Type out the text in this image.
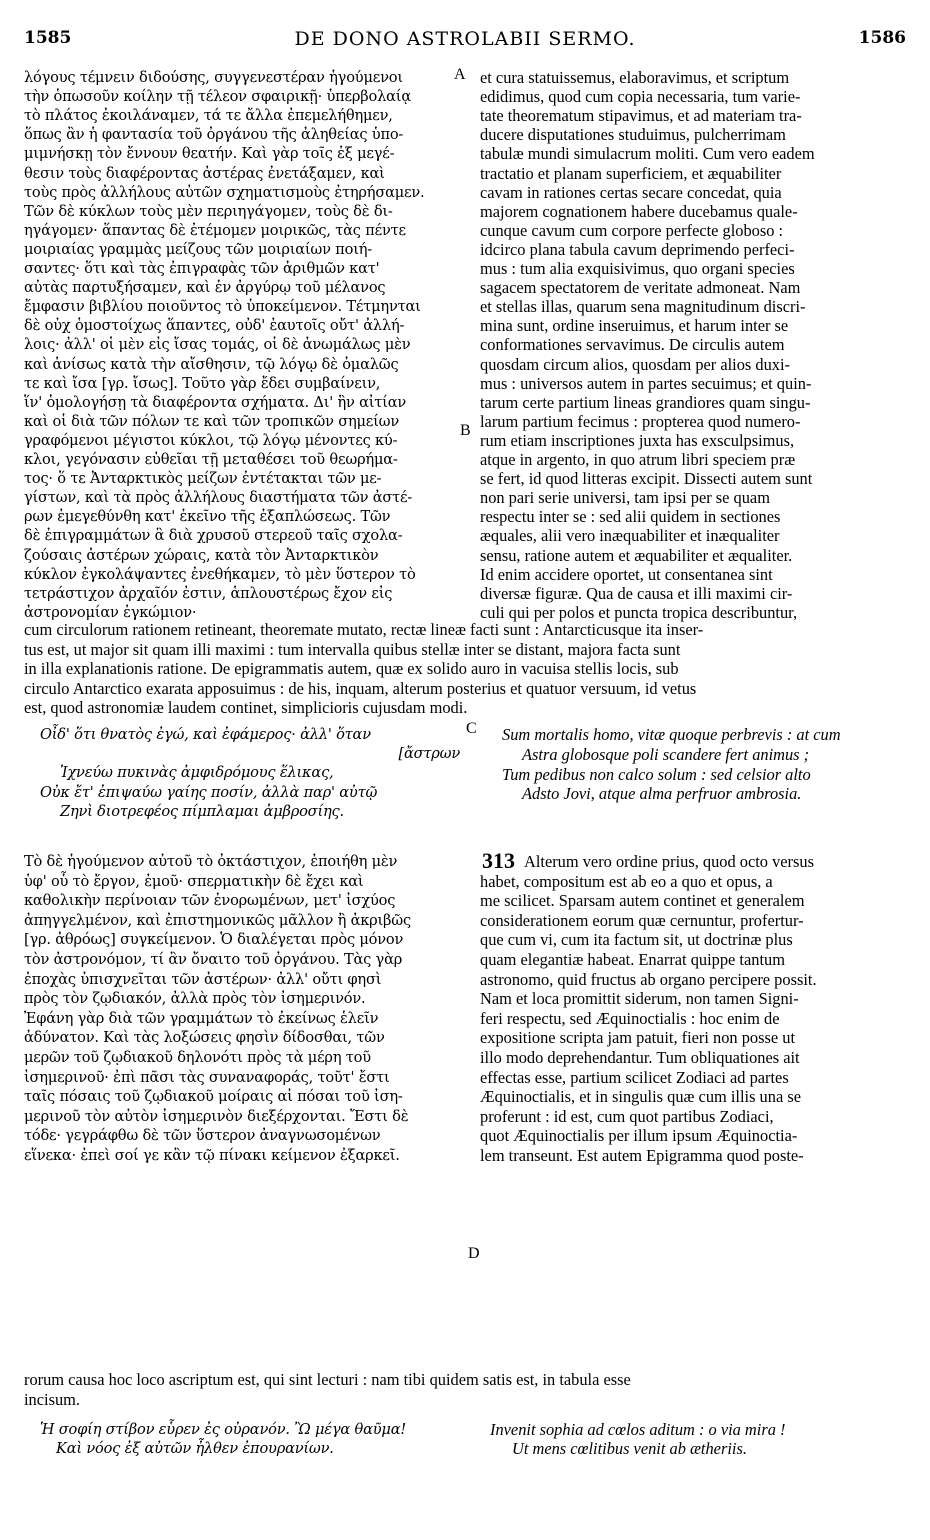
1585	DE DONO ASTROLABII SERMO.	1586
λόγους τέμνειν διδούσης, συγγενεστέραν ἡγούμενοι
τὴν ὁπωσοῦν κοίλην τῇ τέλεον σφαιρικῇ· ὑπερβολαίᾳ
τὸ πλάτος ἐκοιλάναμεν, τά τε ἄλλα ἐπεμελήθημεν,
ὅπως ἂν ἡ φαντασία τοῦ ὀργάνου τῆς ἀληθείας ὑπο-
μιμνήσκῃ τὸν ἔννουν θεατήν. Καὶ γὰρ τοῖς ἐξ μεγέ-
θεσιν τοὺς διαφέροντας ἀστέρας ἐνετάξαμεν, καὶ
τοὺς πρὸς ἀλλήλους αὐτῶν σχηματισμοὺς ἐτηρήσαμεν.
Τῶν δὲ κύκλων τοὺς μὲν περιηγάγομεν, τοὺς δὲ δι-
ηγάγομεν· ἅπαντας δὲ ἐτέμομεν μοιρικῶς, τὰς πέντε
μοιριαίας γραμμὰς μείζους τῶν μοιριαίων ποιή-
σαντες· ὅτι καὶ τὰς ἐπιγραφὰς τῶν ἀριθμῶν κατ'
αὐτὰς παρτυξήσαμεν, καὶ ἐν ἀργύρῳ τοῦ μέλανος
ἔμφασιν βιβλίου ποιοῦντος τὸ ὑποκείμενον. Τέτμηνται
δὲ οὐχ ὁμοστοίχως ἅπαντες, οὐδ' ἑαυτοῖς οὔτ' ἀλλή-
λοις· ἀλλ' οἱ μὲν εἰς ἴσας τομάς, οἱ δὲ ἀνωμάλως μὲν
καὶ ἀνίσως κατὰ τὴν αἴσθησιν, τῷ λόγῳ δὲ ὁμαλῶς
τε καὶ ἴσα [γρ. ἴσως]. Τοῦτο γὰρ ἔδει συμβαίνειν,
ἵν' ὁμολογήσῃ τὰ διαφέροντα σχήματα. Δι' ἣν αἰτίαν
καὶ οἱ διὰ τῶν πόλων τε καὶ τῶν τροπικῶν σημείων
γραφόμενοι μέγιστοι κύκλοι, τῷ λόγῳ μένοντες κύ-
κλοι, γεγόνασιν εὐθεῖαι τῇ μεταθέσει τοῦ θεωρήμα-
τος· ὅ τε Ἀνταρκτικὸς μείζων ἐντέτακται τῶν με-
γίστων, καὶ τὰ πρὸς ἀλλήλους διαστήματα τῶν ἀστέ-
ρων ἐμεγεθύνθη κατ' ἐκεῖνο τῆς ἐξαπλώσεως. Τῶν
δὲ ἐπιγραμμάτων ἃ διὰ χρυσοῦ στερεοῦ ταῖς σχολα-
ζούσαις ἀστέρων χώραις, κατὰ τὸν Ἀνταρκτικὸν
κύκλον ἐγκολάψαντες ἐνεθήκαμεν, τὸ μὲν ὕστερον τὸ
τετράστιχον ἀρχαῖόν ἐστιν, ἁπλουστέρως ἔχον εἰς
ἀστρονομίαν ἐγκώμιον·
et cura statuissemus, elaboravimus, et scriptum
edidimus, quod cum copia necessaria, tum varie-
tate theorematum stipavimus, et ad materiam tra-
ducere disputationes studuimus, pulcherrimam
tabulæ mundi simulacrum moliti. Cum vero eadem
tractatio et planam superficiem, et æquabiliter
cavam in rationes certas secare concedat, quia
majorem cognationem habere ducebamus quale-
cunque cavum cum corpore perfecte globoso :
idcirco plana tabula cavum deprimendo perfeci-
mus : tum alia exquisivimus, quo organi species
sagacem spectatorem de veritate admoneat. Nam
et stellas illas, quarum sena magnitudinum discri-
mina sunt, ordine inseruimus, et harum inter se
conformationes servavimus. De circulis autem
quosdam circum alios, quosdam per alios duxi-
mus : universos autem in partes secuimus; et quin-
tarum certe partium lineas grandiores quam singu-
larum partium fecimus : propterea quod numero-
rum etiam inscriptiones juxta has exsculpsimus,
atque in argento, in quo atrum libri speciem præ
se fert, id quod litteras excipit. Dissecti autem sunt
non pari serie universi, tam ipsi per se quam
respectu inter se : sed alii quidem in sectiones
æquales, alii vero inæquabiliter et inæqualiter
sensu, ratione autem et æquabiliter et æqualiter.
Id enim accidere oportet, ut consentanea sint
diversæ figuræ. Qua de causa et illi maximi cir-
culi qui per polos et puncta tropica describuntur,
A
B
cum circulorum rationem retineant, theoremate mutato, rectæ lineæ facti sunt : Antarcticusque ita inser-
tus est, ut major sit quam illi maximi : tum intervalla quibus stellæ inter se distant, majora facta sunt
in illa explanationis ratione. De epigrammatis autem, quæ ex solido auro in vacuisa stellis locis, sub
circulo Antarctico exarata apposuimus : de his, inquam, alterum posterius et quatuor versuum, id vetus
est, quod astronomiæ laudem continet, simplicioris cujusdam modi.
Οἶδ' ὅτι θνατὸς ἐγώ, καὶ ἐφάμερος· ἀλλ' ὅταν
[ἄστρων
Ἰχνεύω πυκινὰς ἀμφιδρόμους ἕλικας,
Οὐκ ἔτ' ἐπιψαύω γαίης ποσίν, ἀλλὰ παρ' αὐτῷ
Ζηνὶ διοτρεφέος πίμπλαμαι ἀμβροσίης.
Sum mortalis homo, vitæ quoque perbrevis : at cum
Astra globosque poli scandere fert animus ;
Tum pedibus non calco solum : sed celsior alto
Adsto Jovi, atque alma perfruor ambrosia.
C
Τὸ δὲ ἡγούμενον αὐτοῦ τὸ ὀκτάστιχον, ἐποιήθη μὲν
ὑφ' οὗ τὸ ἔργον, ἐμοῦ· σπερματικὴν δὲ ἔχει καὶ
καθολικὴν περίνοιαν τῶν ἐνορωμένων, μετ' ἰσχύος
ἀπηγγελμένον, καὶ ἐπιστημονικῶς μᾶλλον ἢ ἀκριβῶς
[γρ. ἀθρόως] συγκείμενον. Ὁ διαλέγεται πρὸς μόνον
τὸν ἀστρονόμον, τί ἂν ὄναιτο τοῦ ὀργάνου. Τὰς γὰρ
ἐποχὰς ὑπισχνεῖται τῶν ἀστέρων· ἀλλ' οὔτι φησὶ
πρὸς τὸν ζῳδιακόν, ἀλλὰ πρὸς τὸν ἰσημερινόν.
Ἐφάνη γὰρ διὰ τῶν γραμμάτων τὸ ἐκείνως ἑλεῖν
ἀδύνατον. Καὶ τὰς λοξώσεις φησὶν δίδοσθαι, τῶν
μερῶν τοῦ ζῳδιακοῦ δηλονότι πρὸς τὰ μέρη τοῦ
ἰσημερινοῦ· ἐπὶ πᾶσι τὰς συναναφοράς, τοῦτ' ἔστι
ταῖς πόσαις τοῦ ζῳδιακοῦ μοίραις αἱ πόσαι τοῦ ἰση-
μερινοῦ τὸν αὐτὸν ἰσημερινὸν διεξέρχονται. Ἔστι δὲ
τόδε· γεγράφθω δὲ τῶν ὕστερον ἀναγνωσομένων
εἵνεκα· ἐπεὶ σοί γε κἂν τῷ πίνακι κείμενον ἐξαρκεῖ.
Alterum vero ordine prius, quod octo versus
habet, compositum est ab eo a quo et opus, a
me scilicet. Sparsam autem continet et generalem
considerationem eorum quæ cernuntur, profertur-
que cum vi, cum ita factum sit, ut doctrinæ plus
quam elegantiæ habeat. Enarrat quippe tantum
astronomo, quid fructus ab organo percipere possit.
Nam et loca promittit siderum, non tamen Signi-
feri respectu, sed Æquinoctialis : hoc enim de
expositione scripta jam patuit, fieri non posse ut
illo modo deprehendantur. Tum obliquationes ait
effectas esse, partium scilicet Zodiaci ad partes
Æquinoctialis, et in singulis quæ cum illis una se
proferunt : id est, cum quot partibus Zodiaci,
quot Æquinoctialis per illum ipsum Æquinoctia-
lem transeunt. Est autem Epigramma quod poste-
D
rorum causa hoc loco ascriptum est, qui sint lecturi : nam tibi quidem satis est, in tabula esse
incisum.
Ἡ σοφίη στίβον εὗρεν ἐς οὐρανόν. Ὢ μέγα θαῦμα!
Καὶ νόος ἐξ αὐτῶν ἦλθεν ἐπουρανίων.
Invenit sophia ad cœlos aditum : o via mira !
Ut mens cœlitibus venit ab ætheriis.
313
